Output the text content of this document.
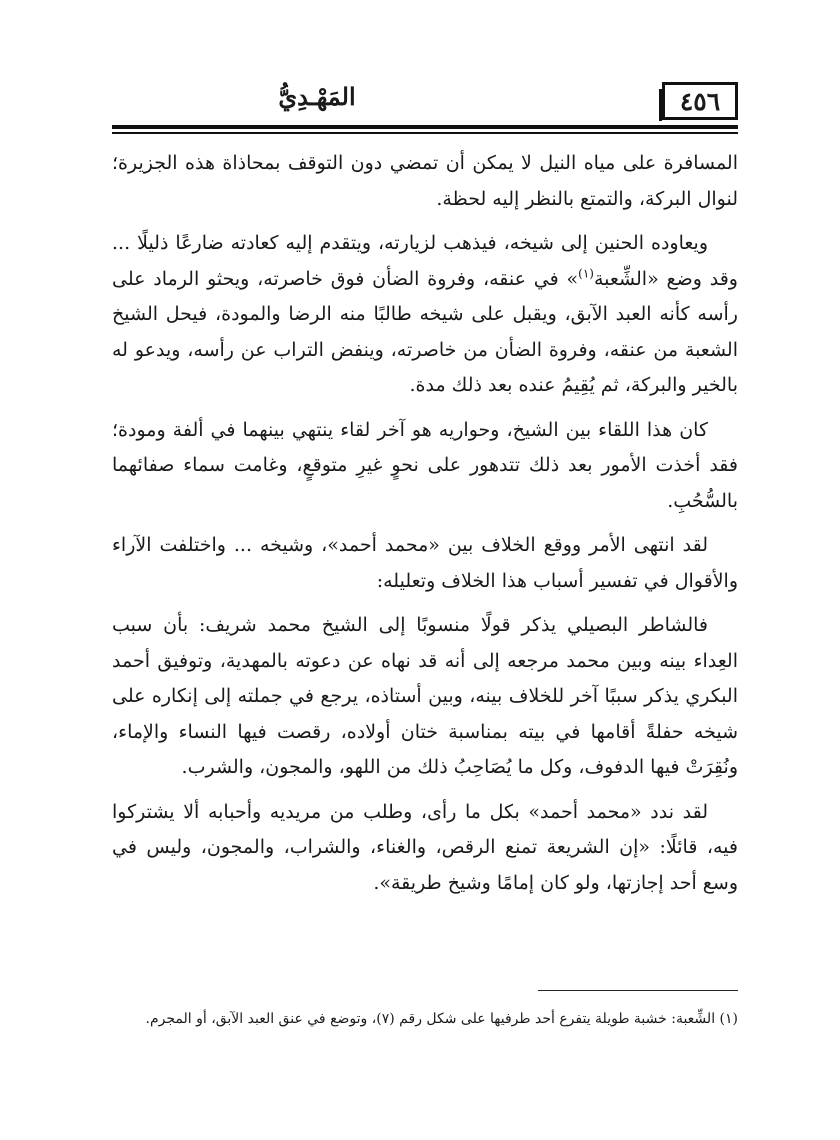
المَهْـدِيُّ	٤٥٦

المسافرة على مياه النيل لا يمكن أن تمضي دون التوقف بمحاذاة هذه الجزيرة؛ لنوال البركة، والتمتع بالنظر إليه لحظة.

ويعاوده الحنين إلى شيخه، فيذهب لزيارته، ويتقدم إليه كعادته ضارعًا ذليلًا ... وقد وضع «الشِّعبة$^{(١)}$» في عنقه، وفروة الضأن فوق خاصرته، ويحثو الرماد على رأسه كأنه العبد الآبق، ويقبل على شيخه طالبًا منه الرضا والمودة، فيحل الشيخ الشعبة من عنقه، وفروة الضأن من خاصرته، وينفض التراب عن رأسه، ويدعو له بالخير والبركة، ثم يُقِيمُ عنده بعد ذلك مدة.

كان هذا اللقاء بين الشيخ، وحواريه هو آخر لقاء ينتهي بينهما في ألفة ومودة؛ فقد أخذت الأمور بعد ذلك تتدهور على نحوٍ غيرِ متوقعٍ، وغامت سماء صفائهما بالسُّحُبِ.

لقد انتهى الأمر ووقع الخلاف بين «محمد أحمد»، وشيخه ... واختلفت الآراء والأقوال في تفسير أسباب هذا الخلاف وتعليله:

فالشاطر البصيلي يذكر قولًا منسوبًا إلى الشيخ محمد شريف: بأن سبب العِداء بينه وبين محمد مرجعه إلى أنه قد نهاه عن دعوته بالمهدية، وتوفيق أحمد البكري يذكر سببًا آخر للخلاف بينه، وبين أستاذه، يرجع في جملته إلى إنكاره على شيخه حفلةً أقامها في بيته بمناسبة ختان أولاده، رقصت فيها النساء والإماء، ونُقِرَتْ فيها الدفوف، وكل ما يُصَاحِبُ ذلك من اللهو، والمجون، والشرب.

لقد ندد «محمد أحمد» بكل ما رأى، وطلب من مريديه وأحبابه ألا يشتركوا فيه، قائلًا: «إن الشريعة تمنع الرقص، والغناء، والشراب، والمجون، وليس في وسع أحد إجازتها، ولو كان إمامًا وشيخ طريقة».

(١) الشِّعبة: خشبة طويلة يتفرع أحد طرفيها على شكل رقم (٧)، وتوضع في عنق العبد الآبق، أو المجرم.
